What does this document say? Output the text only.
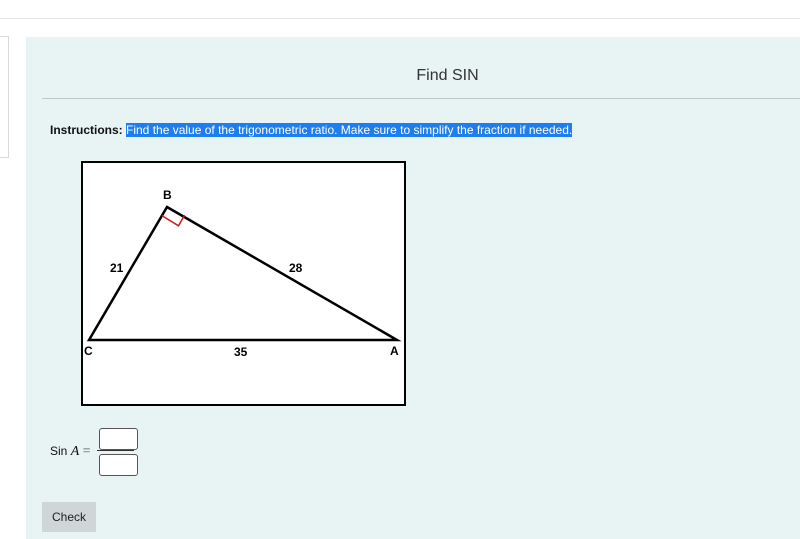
Find SIN
Instructions: Find the value of the trigonometric ratio. Make sure to simplify the fraction if needed.
B
C	A
21	28
35
Sin A =
Check
